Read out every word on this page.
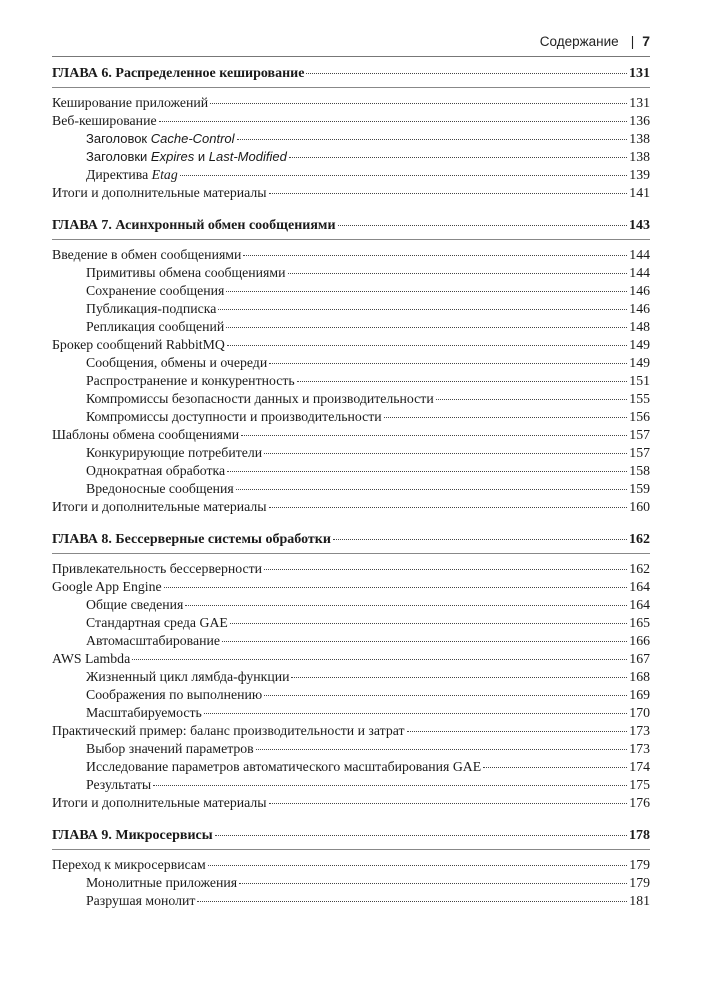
Содержание | 7
ГЛАВА 6. Распределенное кеширование	131
Кеширование приложений	131
Веб-кеширование	136
Заголовок Cache-Control	138
Заголовки Expires и Last-Modified	138
Директива Etag	139
Итоги и дополнительные материалы	141
ГЛАВА 7. Асинхронный обмен сообщениями	143
Введение в обмен сообщениями	144
Примитивы обмена сообщениями	144
Сохранение сообщения	146
Публикация-подписка	146
Репликация сообщений	148
Брокер сообщений RabbitMQ	149
Сообщения, обмены и очереди	149
Распространение и конкурентность	151
Компромиссы безопасности данных и производительности	155
Компромиссы доступности и производительности	156
Шаблоны обмена сообщениями	157
Конкурирующие потребители	157
Однократная обработка	158
Вредоносные сообщения	159
Итоги и дополнительные материалы	160
ГЛАВА 8. Бессерверные системы обработки	162
Привлекательность бессерверности	162
Google App Engine	164
Общие сведения	164
Стандартная среда GAE	165
Автомасштабирование	166
AWS Lambda	167
Жизненный цикл лямбда-функции	168
Соображения по выполнению	169
Масштабируемость	170
Практический пример: баланс производительности и затрат	173
Выбор значений параметров	173
Исследование параметров автоматического масштабирования GAE	174
Результаты	175
Итоги и дополнительные материалы	176
ГЛАВА 9. Микросервисы	178
Переход к микросервисам	179
Монолитные приложения	179
Разрушая монолит	181
